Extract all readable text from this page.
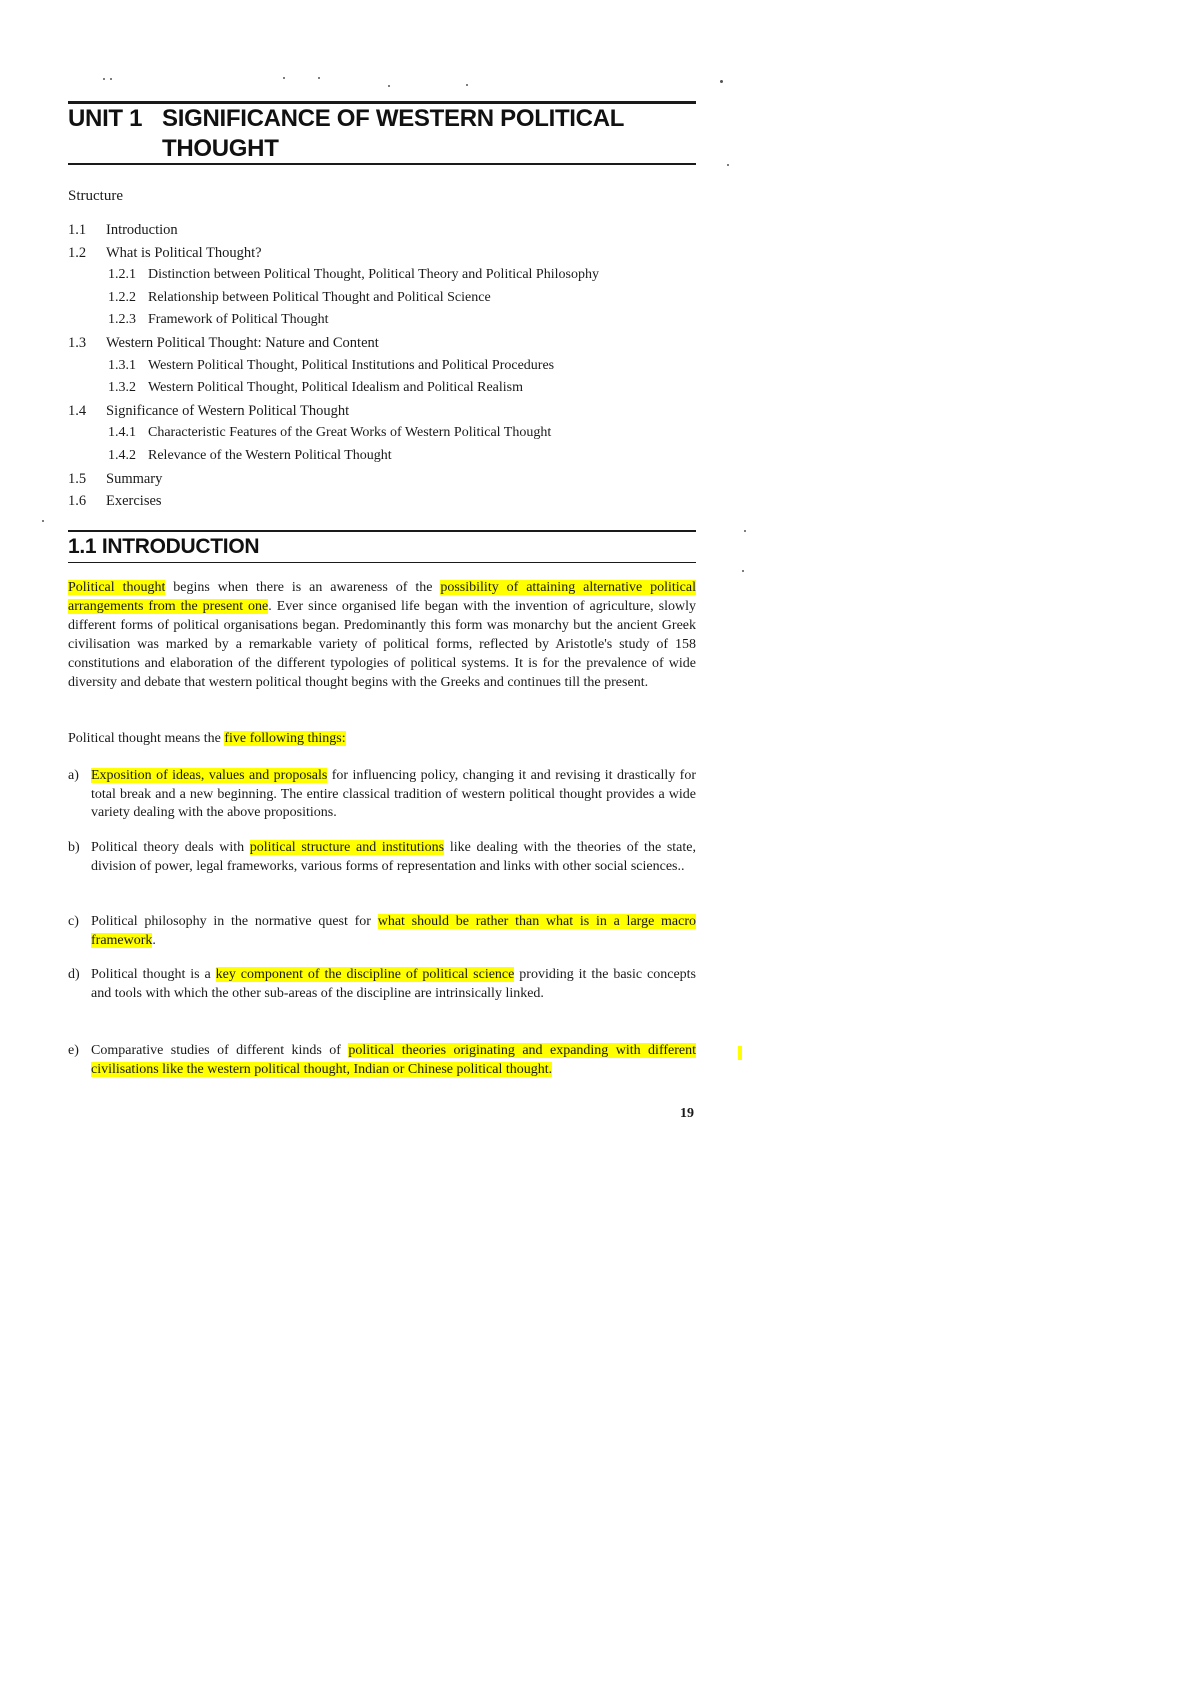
UNIT 1 SIGNIFICANCE OF WESTERN POLITICAL THOUGHT
Structure
1.1 Introduction
1.2 What is Political Thought?
1.2.1 Distinction between Political Thought, Political Theory and Political Philosophy
1.2.2 Relationship between Political Thought and Political Science
1.2.3 Framework of Political Thought
1.3 Western Political Thought: Nature and Content
1.3.1 Western Political Thought, Political Institutions and Political Procedures
1.3.2 Western Political Thought, Political Idealism and Political Realism
1.4 Significance of Western Political Thought
1.4.1 Characteristic Features of the Great Works of Western Political Thought
1.4.2 Relevance of the Western Political Thought
1.5 Summary
1.6 Exercises
1.1 INTRODUCTION
Political thought begins when there is an awareness of the possibility of attaining alternative political arrangements from the present one. Ever since organised life began with the invention of agriculture, slowly different forms of political organisations began. Predominantly this form was monarchy but the ancient Greek civilisation was marked by a remarkable variety of political forms, reflected by Aristotle's study of 158 constitutions and elaboration of the different typologies of political systems. It is for the prevalence of wide diversity and debate that western political thought begins with the Greeks and continues till the present.
Political thought means the five following things:
a) Exposition of ideas, values and proposals for influencing policy, changing it and revising it drastically for total break and a new beginning. The entire classical tradition of western political thought provides a wide variety dealing with the above propositions.
b) Political theory deals with political structure and institutions like dealing with the theories of the state, division of power, legal frameworks, various forms of representation and links with other social sciences..
c) Political philosophy in the normative quest for what should be rather than what is in a large macro framework.
d) Political thought is a key component of the discipline of political science providing it the basic concepts and tools with which the other sub-areas of the discipline are intrinsically linked.
e) Comparative studies of different kinds of political theories originating and expanding with different civilisations like the western political thought, Indian or Chinese political thought.
19
